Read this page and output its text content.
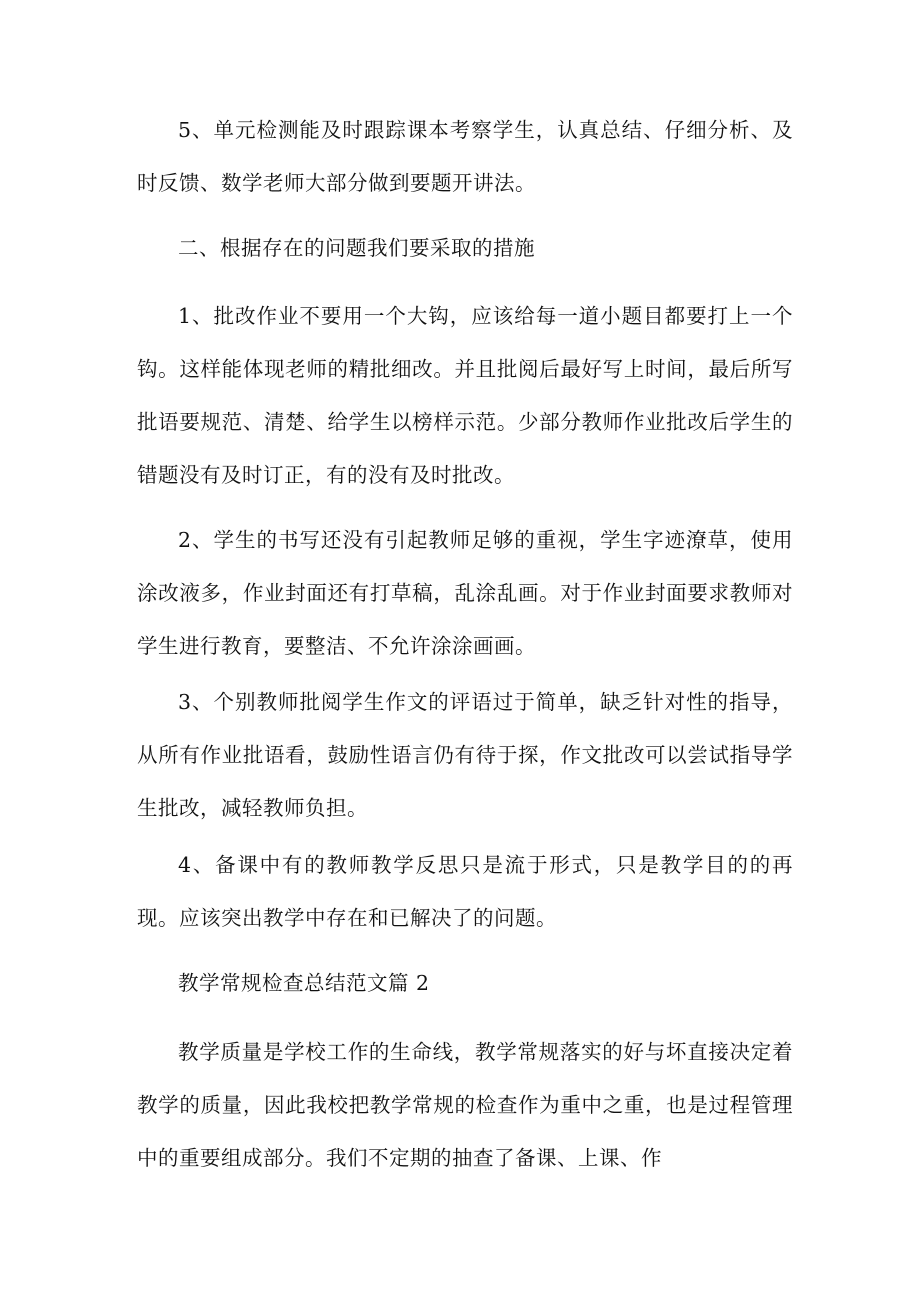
5、单元检测能及时跟踪课本考察学生，认真总结、仔细分析、及时反馈、数学老师大部分做到要题开讲法。

二、根据存在的问题我们要采取的措施

1、批改作业不要用一个大钩，应该给每一道小题目都要打上一个钩。这样能体现老师的精批细改。并且批阅后最好写上时间，最后所写批语要规范、清楚、给学生以榜样示范。少部分教师作业批改后学生的错题没有及时订正，有的没有及时批改。

2、学生的书写还没有引起教师足够的重视，学生字迹潦草，使用涂改液多，作业封面还有打草稿，乱涂乱画。对于作业封面要求教师对学生进行教育，要整洁、不允许涂涂画画。

3、个别教师批阅学生作文的评语过于简单，缺乏针对性的指导，从所有作业批语看，鼓励性语言仍有待于探，作文批改可以尝试指导学生批改，减轻教师负担。

4、备课中有的教师教学反思只是流于形式，只是教学目的的再现。应该突出教学中存在和已解决了的问题。

教学常规检查总结范文篇 2

教学质量是学校工作的生命线，教学常规落实的好与坏直接决定着教学的质量，因此我校把教学常规的检查作为重中之重，也是过程管理中的重要组成部分。我们不定期的抽查了备课、上课、作
